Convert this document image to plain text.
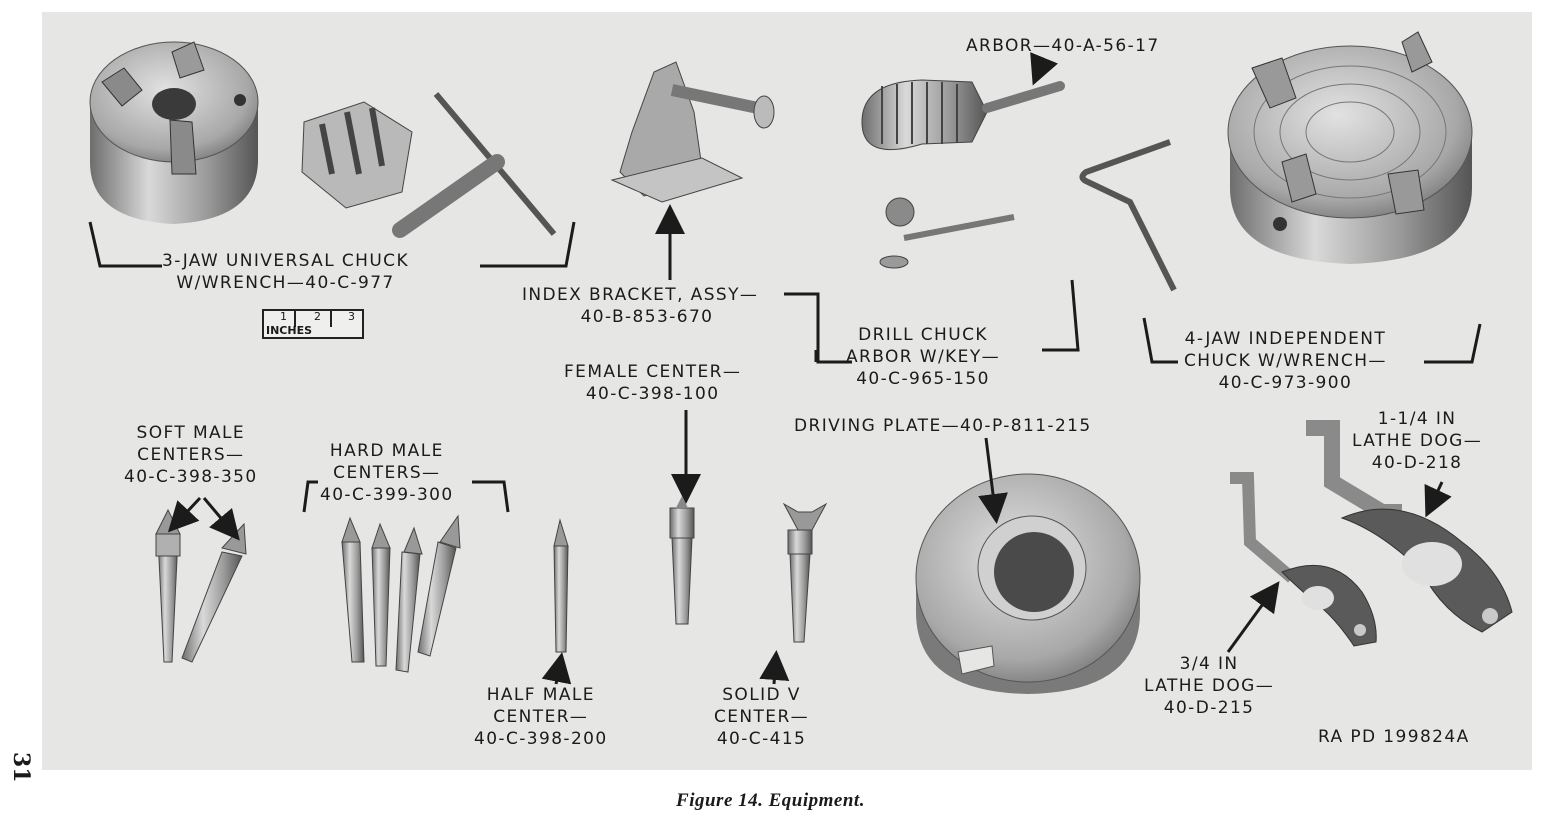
3-JAW UNIVERSAL CHUCK
W/WRENCH—40-C-977
1 2 3
INCHES
INDEX BRACKET, ASSY—
40-B-853-670
ARBOR—40-A-56-17
DRILL CHUCK
ARBOR W/KEY—
40-C-965-150
4-JAW INDEPENDENT
CHUCK W/WRENCH—
40-C-973-900
FEMALE CENTER—
40-C-398-100
SOFT MALE
CENTERS—
40-C-398-350
HARD MALE
CENTERS—
40-C-399-300
DRIVING PLATE—40-P-811-215	1-1/4 IN
LATHE DOG—
40-D-218
HALF MALE
CENTER—
40-C-398-200
SOLID V
CENTER—
40-C-415
3/4 IN
LATHE DOG—
40-D-215
RA PD 199824A
31
Figure 14. Equipment.
